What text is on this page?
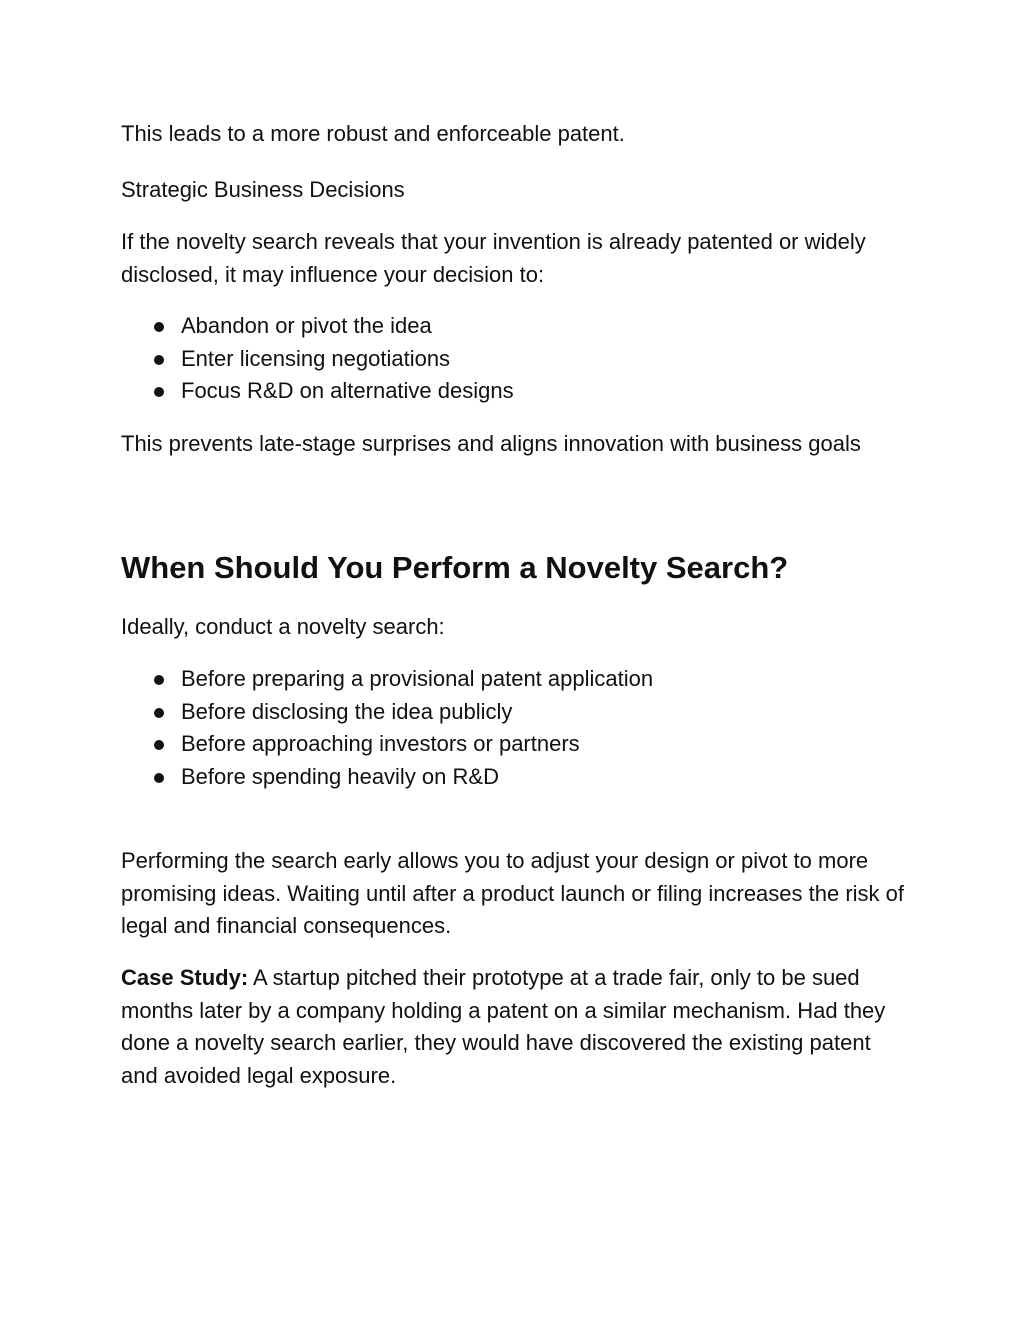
This leads to a more robust and enforceable patent.

Strategic Business Decisions

If the novelty search reveals that your invention is already patented or widely disclosed, it may influence your decision to:

Abandon or pivot the idea
Enter licensing negotiations
Focus R&D on alternative designs

This prevents late-stage surprises and aligns innovation with business goals

When Should You Perform a Novelty Search?

Ideally, conduct a novelty search:

Before preparing a provisional patent application
Before disclosing the idea publicly
Before approaching investors or partners
Before spending heavily on R&D

Performing the search early allows you to adjust your design or pivot to more promising ideas. Waiting until after a product launch or filing increases the risk of legal and financial consequences.

Case Study: A startup pitched their prototype at a trade fair, only to be sued months later by a company holding a patent on a similar mechanism. Had they done a novelty search earlier, they would have discovered the existing patent and avoided legal exposure.
